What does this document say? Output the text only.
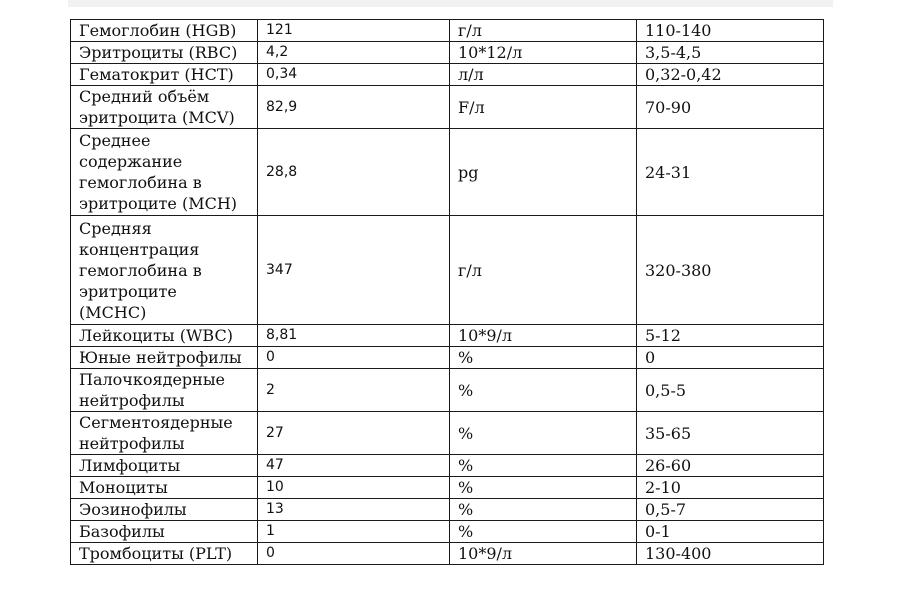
Гемоглобин (HGB)	121	г/л	110-140
Эритроциты (RBC)	4,2	10*12/л	3,5-4,5
Гематокрит (HCT)	0,34	л/л	0,32-0,42
Средний объём эритроцита (MCV)	82,9	F/л	70-90
Среднее содержание гемоглобина в эритроците (MCH)	28,8	pg	24-31
Средняя концентрация гемоглобина в эритроците (MCHC)	347	г/л	320-380
Лейкоциты (WBC)	8,81	10*9/л	5-12
Юные нейтрофилы	0	%	0
Палочкоядерные нейтрофилы	2	%	0,5-5
Сегментоядерные нейтрофилы	27	%	35-65
Лимфоциты	47	%	26-60
Моноциты	10	%	2-10
Эозинофилы	13	%	0,5-7
Базофилы	1	%	0-1
Тромбоциты (PLT)	0	10*9/л	130-400
